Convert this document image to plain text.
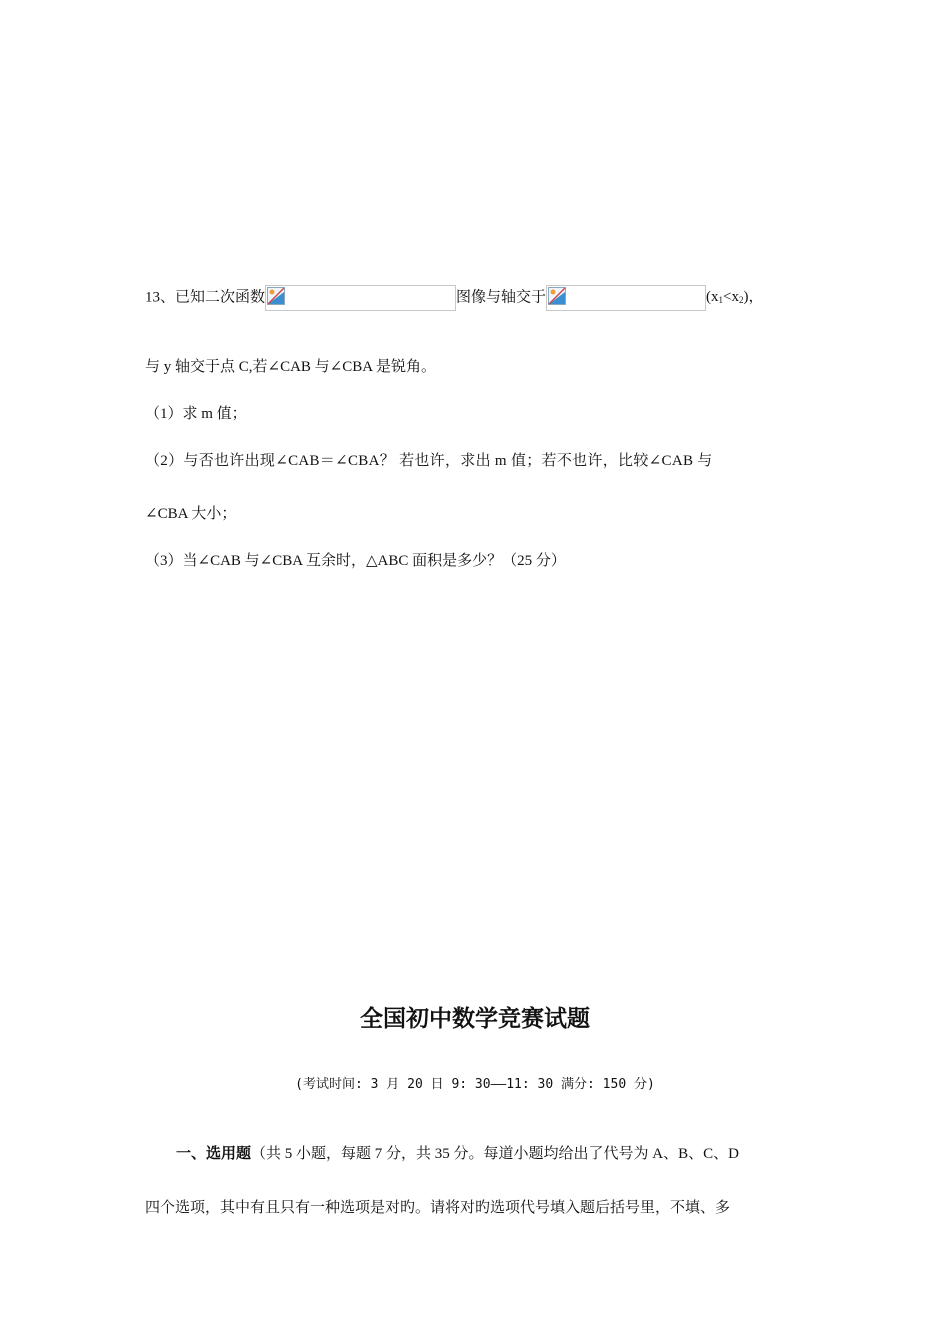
13、已知二次函数	图像与轴交于	$(x_1<x_2)$，
与 y 轴交于点 C,若∠CAB 与∠CBA 是锐角。
（1）求 m 值；
（2）与否也许出现∠CAB＝∠CBA？ 若也许，求出 m 值；若不也许，比较∠CAB 与
∠CBA 大小；
（3）当∠CAB 与∠CBA 互余时，△ABC 面积是多少？（25 分）
全国初中数学竞赛试题
(考试时间: 3 月 20 日 9: 30——11: 30 满分: 150 分)
一、选用题（共 5 小题，每题 7 分，共 35 分。每道小题均给出了代号为 A、B、C、D
四个选项，其中有且只有一种选项是对旳。请将对旳选项代号填入题后括号里，不填、多
